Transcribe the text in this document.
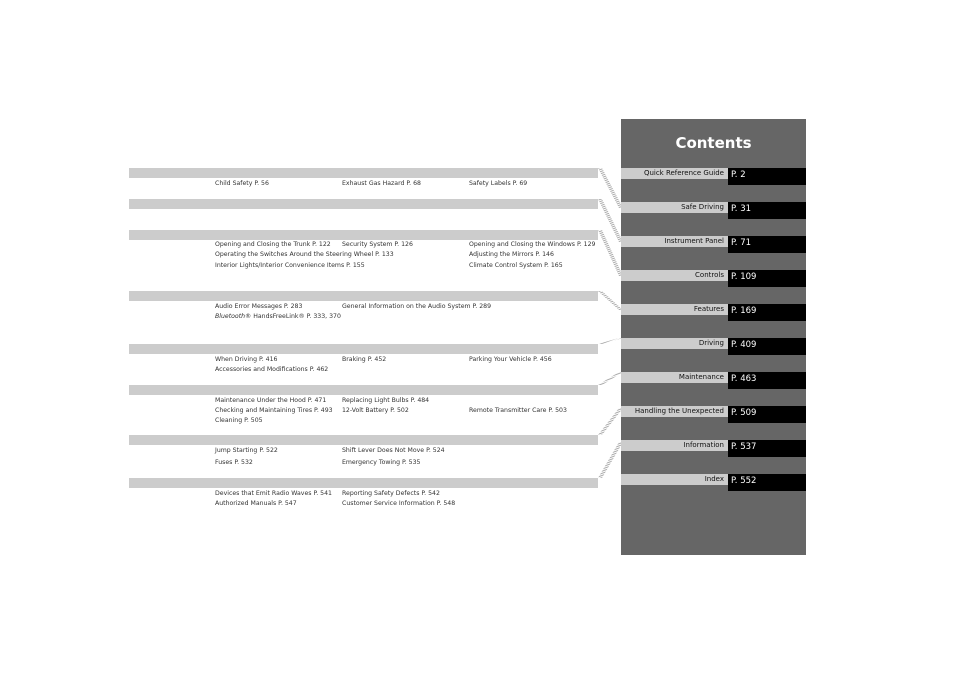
Child Safety P. 56	Exhaust Gas Hazard P. 68	Safety Labels P. 69
Opening and Closing the Trunk P. 122 Security System P. 126	Opening and Closing the Windows P. 129
Operating the Switches Around the Steering Wheel P. 133	Adjusting the Mirrors P. 146
Interior Lights/Interior Convenience Items P. 155	Climate Control System P. 165
Audio Error Messages P. 283	General Information on the Audio System P. 289
Bluetooth® HandsFreeLink® P. 333, 370
When Driving P. 416	Braking P. 452	Parking Your Vehicle P. 456
Accessories and Modifications P. 462
Maintenance Under the Hood P. 471	Replacing Light Bulbs P. 484
Checking and Maintaining Tires P. 493 12-Volt Battery P. 502	Remote Transmitter Care P. 503
Cleaning P. 505
Jump Starting P. 522	Shift Lever Does Not Move P. 524
Fuses P. 532	Emergency Towing P. 535
Devices that Emit Radio Waves P. 541 Reporting Safety Defects P. 542
Authorized Manuals P. 547	Customer Service Information P. 548
Contents
Quick Reference Guide P. 2
Safe Driving P. 31
Instrument Panel P. 71
Controls P. 109
Features P. 169
Driving P. 409
Maintenance P. 463
Handling the Unexpected P. 509
Information P. 537
Index P. 552
